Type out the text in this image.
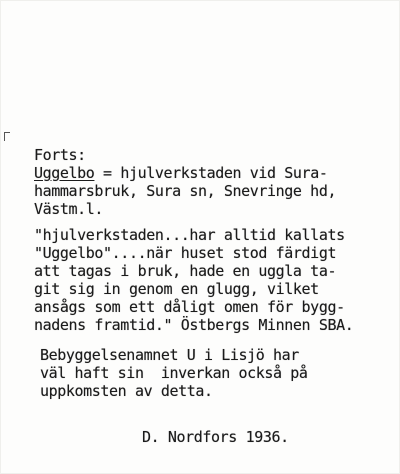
Forts:
Uggelbo = hjulverkstaden vid Sura-
hammarsbruk, Sura sn, Snevringe hd,
Västm.l.
"hjulverkstaden...har alltid kallats
"Uggelbo"....när huset stod färdigt
att tagas i bruk, hade en uggla ta-
git sig in genom en glugg, vilket
ansågs som ett dåligt omen för bygg-
nadens framtid." Östbergs Minnen SBA.
Bebyggelsenamnet U i Lisjö har
väl haft sin  inverkan också på
uppkomsten av detta.
D. Nordfors 1936.
